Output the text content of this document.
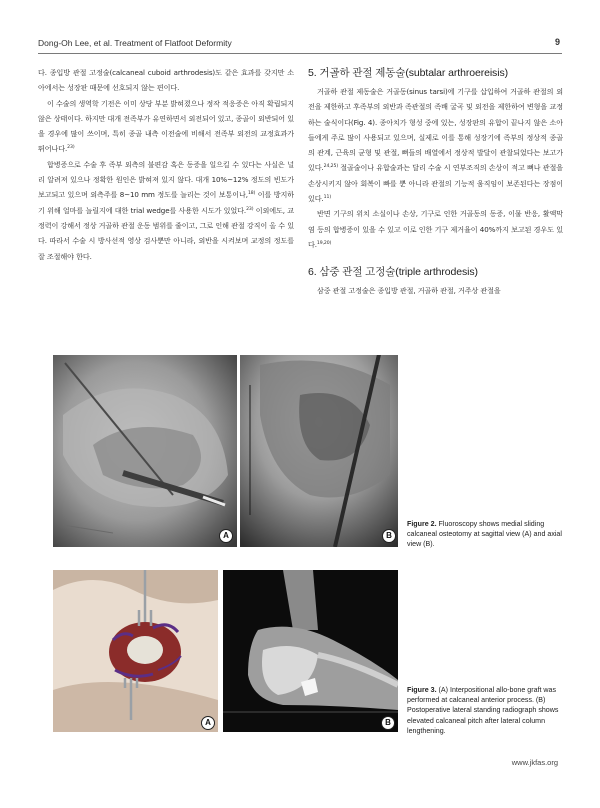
Dong-Oh Lee, et al. Treatment of Flatfoot Deformity	9

다. 종입방 관절 고정술(calcaneal cuboid arthrodesis)도 같은 효과를 갖지만 소아에서는 성장판 때문에 선호되지 않는 편이다.

이 수술의 생역학 기전은 이미 상당 부분 밝혀졌으나 정작 적응증은 아직 확립되지 않은 상태이다. 하지만 대개 전족부가 유연하면서 외전되어 있고, 종골이 외반되어 있을 경우에 많이 쓰이며, 특히 종골 내측 이전술에 비해서 전족부 외전의 교정효과가 뛰어나다.$^{23)}$

합병증으로 수술 후 족부 외측의 불편감 혹은 동증을 일으킬 수 있다는 사실은 널리 알려져 있으나 정확한 원인은 밝혀져 있지 않다. 대개 10%~12% 정도의 빈도가 보고되고 있으며 외측주를 8~10 mm 정도를 늘리는 것이 보통이나,$^{18)}$ 이를 방지하기 위해 얼마를 늘릴지에 대한 trial wedge를 사용한 시도가 있었다.$^{23)}$ 이외에도, 교정력이 강해서 정상 거골하 관절 운동 범위를 줄이고, 그로 인해 관절 강직이 올 수 있다. 따라서 수술 시 방사선적 영상 검사뿐만 아니라, 외반을 시켜보며 교정의 정도를 잘 조절해야 한다.

5. 거골하 관절 제동술(subtalar arthroereisis)

거골하 관절 제동술은 거골동(sinus tarsi)에 기구를 삽입하여 거골하 관절의 외전을 제한하고 후족부의 외반과 족관절의 족배 굴곡 및 외전을 제한하여 변형을 교정하는 술식이다(Fig. 4). 종아치가 형성 중에 있는, 성장판의 유합이 끝나지 않은 소아들에게 주로 많이 사용되고 있으며, 실제로 이를 통해 성장기에 족부의 정상적 종골의 관계, 근육의 균형 및 관절, 뼈들의 배열에서 정상적 발달이 관찰되었다는 보고가 있다.$^{24,25)}$ 절골술이나 유합술과는 달리 수술 시 연부조직의 손상이 적고 뼈나 관절을 손상시키지 않아 회복이 빠를 뿐 아니라 관절의 기능적 움직임이 보존된다는 장점이 있다.$^{11)}$

반면 기구의 위치 소실이나 손상, 기구로 인한 거골동의 동증, 이물 반응, 활액막염 등의 합병증이 있을 수 있고 이로 인한 기구 제거율이 40%까지 보고된 경우도 있다.$^{19,20)}$

6. 삼중 관절 고정술(triple arthrodesis)

삼중 관절 고정술은 종입방 관절, 거골하 관절, 거주상 관절을

A	B
Figure 2. Fluoroscopy shows medial sliding calcaneal osteotomy at sagittal view (A) and axial view (B).
A	B
Figure 3. (A) Interpositional allo-bone graft was performed at calcaneal anterior process. (B) Postoperative lateral standing radiograph shows elevated calcaneal pitch after lateral column lengthening.
www.jkfas.org
